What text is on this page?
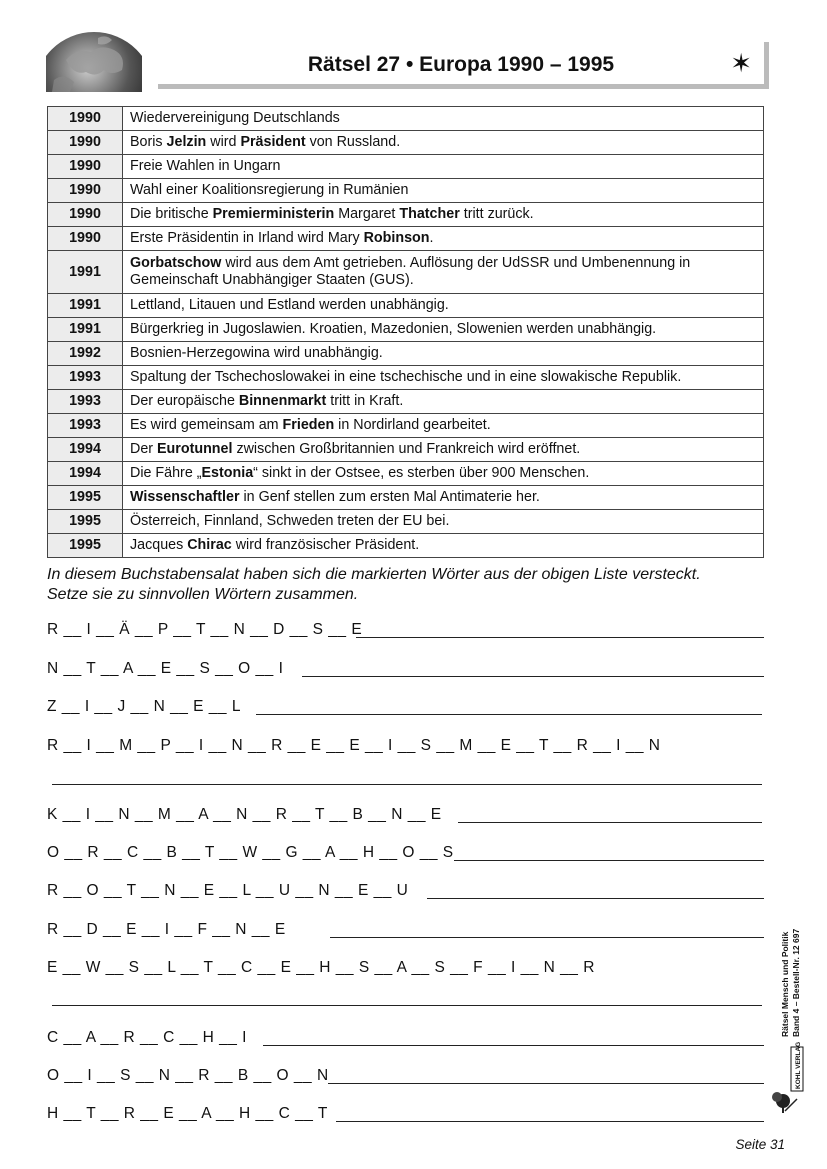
Rätsel 27 • Europa 1990 – 1995	✶
1990	Wiedervereinigung Deutschlands
1990	Boris Jelzin wird Präsident von Russland.
1990	Freie Wahlen in Ungarn
1990	Wahl einer Koalitionsregierung in Rumänien
1990	Die britische Premierministerin Margaret Thatcher tritt zurück.
1990	Erste Präsidentin in Irland wird Mary Robinson.
1991	Gorbatschow wird aus dem Amt getrieben. Auflösung der UdSSR und Umbenennung in Gemeinschaft Unabhängiger Staaten (GUS).
1991	Lettland, Litauen und Estland werden unabhängig.
1991	Bürgerkrieg in Jugoslawien. Kroatien, Mazedonien, Slowenien werden unabhängig.
1992	Bosnien-Herzegowina wird unabhängig.
1993	Spaltung der Tschechoslowakei in eine tschechische und in eine slowakische Republik.
1993	Der europäische Binnenmarkt tritt in Kraft.
1993	Es wird gemeinsam am Frieden in Nordirland gearbeitet.
1994	Der Eurotunnel zwischen Großbritannien und Frankreich wird eröffnet.
1994	Die Fähre „Estonia“ sinkt in der Ostsee, es sterben über 900 Menschen.
1995	Wissenschaftler in Genf stellen zum ersten Mal Antimaterie her.
1995	Österreich, Finnland, Schweden treten der EU bei.
1995	Jacques Chirac wird französischer Präsident.
In diesem Buchstabensalat haben sich die markierten Wörter aus der obigen Liste versteckt. Setze sie zu sinnvollen Wörtern zusammen.
R __ I __ Ä __ P __ T __ N __ D __ S __ E
N __ T __ A __ E __ S __ O __ I
Z __ I __ J __ N __ E __ L
R __ I __ M __ P __ I __ N __ R __ E __ E __ I __ S __ M __ E __ T __ R __ I __ N
K __ I __ N __ M __ A __ N __ R __ T __ B __ N __ E
O __ R __ C __ B __ T __ W __ G __ A __ H __ O __ S
R __ O __ T __ N __ E __ L __ U __ N __ E __ U
R __ D __ E __ I __ F __ N __ E
E __ W __ S __ L __ T __ C __ E __ H __ S __ A __ S __ F __ I __ N __ R
C __ A __ R __ C __ H __ I
O __ I __ S __ N __ R __ B __ O __ N
H __ T __ R __ E __ A __ H __ C __ T
Rätsel Mensch und Politik Band 4 – Bestell-Nr. 12 697
KOHL VERLAG
Seite 31
